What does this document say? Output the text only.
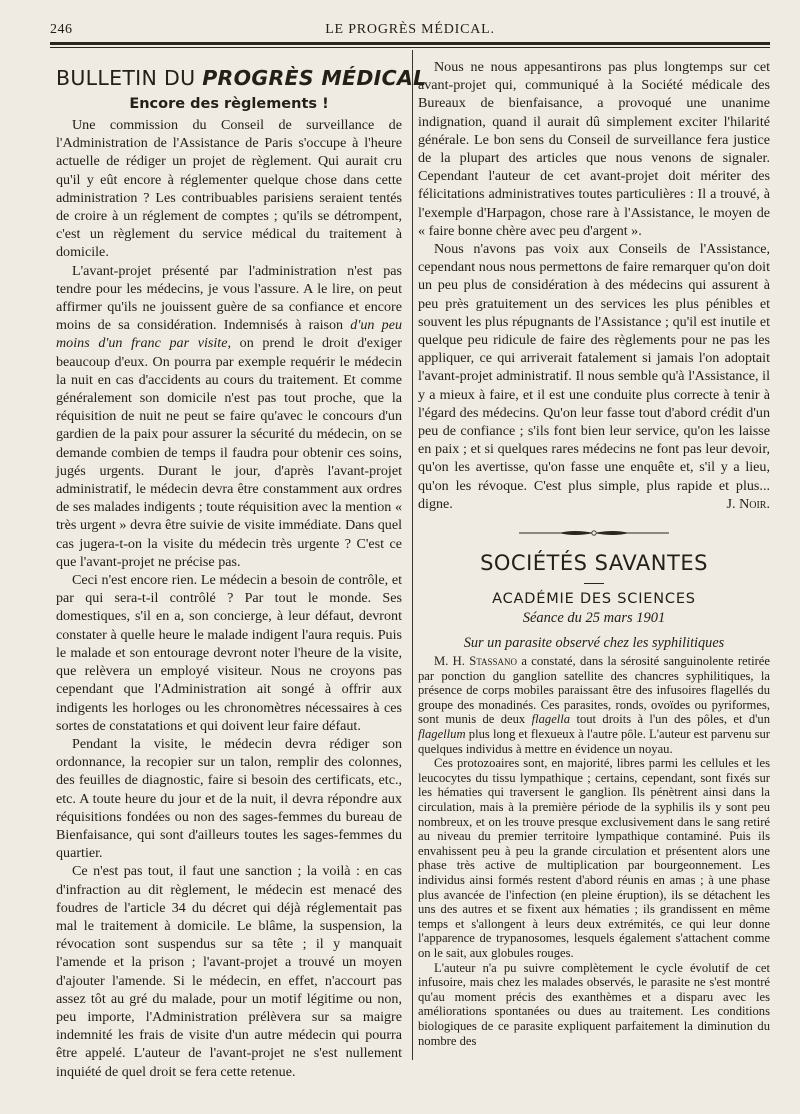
246	LE PROGRÈS MÉDICAL.
BULLETIN DU PROGRÈS MÉDICAL
Encore des règlements !

Une commission du Conseil de surveillance de l'Administration de l'Assistance de Paris s'occupe à l'heure actuelle de rédiger un projet de règlement. Qui aurait cru qu'il y eût encore à réglementer quelque chose dans cette administration ? Les contribuables parisiens seraient tentés de croire à un réglement de comptes ; qu'ils se détrompent, c'est un règlement du service médical du traitement à domicile.

L'avant-projet présenté par l'administration n'est pas tendre pour les médecins, je vous l'assure. A le lire, on peut affirmer qu'ils ne jouissent guère de sa confiance et encore moins de sa considération. Indemnisés à raison d'un peu moins d'un franc par visite, on prend le droit d'exiger beaucoup d'eux. On pourra par exemple requérir le médecin la nuit en cas d'accidents au cours du traitement. Et comme généralement son domicile n'est pas tout proche, que la réquisition de nuit ne peut se faire qu'avec le concours d'un gardien de la paix pour assurer la sécurité du médecin, on se demande combien de temps il faudra pour obtenir ces soins, jugés urgents. Durant le jour, d'après l'avant-projet administratif, le médecin devra être constamment aux ordres de ses malades indigents ; toute réquisition avec la mention « très urgent » devra être suivie de visite immédiate. Dans quel cas jugera-t-on la visite du médecin très urgente ? C'est ce que l'avant-projet ne précise pas.

Ceci n'est encore rien. Le médecin a besoin de contrôle, et par qui sera-t-il contrôlé ? Par tout le monde. Ses domestiques, s'il en a, son concierge, à leur défaut, devront constater à quelle heure le malade indigent l'aura requis. Puis le malade et son entourage devront noter l'heure de la visite, que relèvera un employé visiteur. Nous ne croyons pas cependant que l'Administration ait songé à offrir aux indigents les horloges ou les chronomètres nécessaires à ces sortes de constatations et qui doivent leur faire défaut.

Pendant la visite, le médecin devra rédiger son ordonnance, la recopier sur un talon, remplir des colonnes, des feuilles de diagnostic, faire si besoin des certificats, etc., etc. A toute heure du jour et de la nuit, il devra répondre aux réquisitions fondées ou non des sages-femmes du bureau de Bienfaisance, qui sont d'ailleurs toutes les sages-femmes du quartier.

Ce n'est pas tout, il faut une sanction ; la voilà : en cas d'infraction au dit règlement, le médecin est menacé des foudres de l'article 34 du décret qui déjà réglementait pas mal le traitement à domicile. Le blâme, la suspension, la révocation sont suspendus sur sa tête ; il y manquait l'amende et la prison ; l'avant-projet a trouvé un moyen d'ajouter l'amende. Si le médecin, en effet, n'accourt pas assez tôt au gré du malade, pour un motif légitime ou non, peu importe, l'Administration prélèvera sur sa maigre indemnité les frais de visite d'un autre médecin qui pourra être appelé. L'auteur de l'avant-projet ne s'est nullement inquiété de quel droit se fera cette retenue.

Nous ne nous appesantirons pas plus longtemps sur cet avant-projet qui, communiqué à la Société médicale des Bureaux de bienfaisance, a provoqué une unanime indignation, quand il aurait dû simplement exciter l'hilarité générale. Le bon sens du Conseil de surveillance fera justice de la plupart des articles que nous venons de signaler. Cependant l'auteur de cet avant-projet doit mériter des félicitations administratives toutes particulières : Il a trouvé, à l'exemple d'Harpagon, chose rare à l'Assistance, le moyen de « faire bonne chère avec peu d'argent ».

Nous n'avons pas voix aux Conseils de l'Assistance, cependant nous nous permettons de faire remarquer qu'on doit un peu plus de considération à des médecins qui assurent à peu près gratuitement un des services les plus pénibles et souvent les plus répugnants de l'Assistance ; qu'il est inutile et quelque peu ridicule de faire des règlements pour ne pas les appliquer, ce qui arriverait fatalement si jamais l'on adoptait l'avant-projet administratif. Il nous semble qu'à l'Assistance, il y a mieux à faire, et il est une conduite plus correcte à tenir à l'égard des médecins. Qu'on leur fasse tout d'abord crédit d'un peu de confiance ; s'ils font bien leur service, qu'on les laisse en paix ; et si quelques rares médecins ne font pas leur devoir, qu'on les avertisse, qu'on fasse une enquête et, s'il y a lieu, qu'on les révoque. C'est plus simple, plus rapide et plus... digne.	J. Noir.

SOCIÉTÉS SAVANTES
ACADÉMIE DES SCIENCES
Séance du 25 mars 1901
Sur un parasite observé chez les syphilitiques

M. H. Stassano a constaté, dans la sérosité sanguinolente retirée par ponction du ganglion satellite des chancres syphilitiques, la présence de corps mobiles paraissant être des infusoires flagellés du groupe des monadinés. Ces parasites, ronds, ovoïdes ou pyriformes, sont munis de deux flagella tout droits à l'un des pôles, et d'un flagellum plus long et flexueux à l'autre pôle. L'auteur est parvenu sur quelques individus à mettre en évidence un noyau.

Ces protozoaires sont, en majorité, libres parmi les cellules et les leucocytes du tissu lympathique ; certains, cependant, sont fixés sur les hématies qui traversent le ganglion. Ils pénètrent ainsi dans la circulation, mais à la première période de la syphilis ils y sont peu nombreux, et on les trouve presque exclusivement dans le sang retiré au niveau du premier territoire lympathique contaminé. Puis ils envahissent peu à peu la grande circulation et présentent alors une phase très active de multiplication par bourgeonnement. Les individus ainsi formés restent d'abord réunis en amas ; à une phase plus avancée de l'infection (en pleine éruption), ils se détachent les uns des autres et se fixent aux hématies ; ils grandissent en même temps et s'allongent à leurs deux extrémités, ce qui leur donne l'apparence de trypanosomes, lesquels également s'attachent comme on le sait, aux globules rouges.

L'auteur n'a pu suivre complètement le cycle évolutif de cet infusoire, mais chez les malades observés, le parasite ne s'est montré qu'au moment précis des exanthèmes et a disparu avec les améliorations spontanées ou dues au traitement. Les conditions biologiques de ce parasite expliquent parfaitement la diminution du nombre des
